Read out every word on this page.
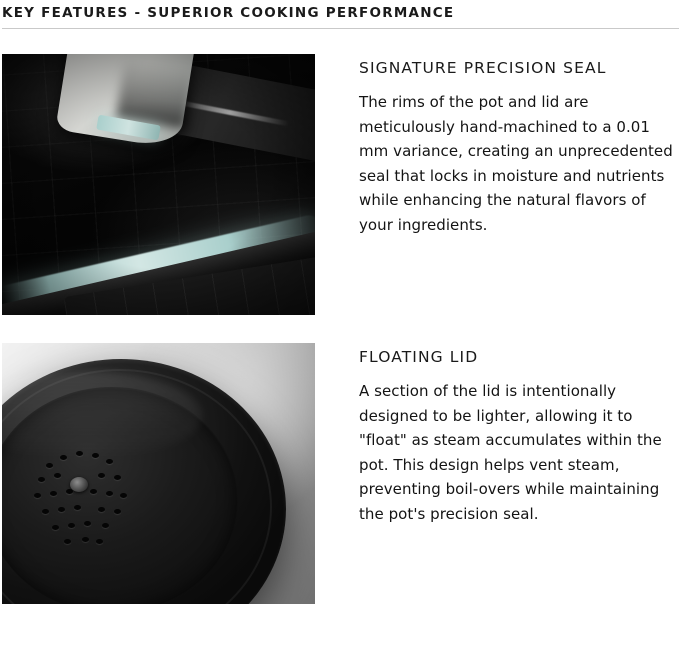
KEY FEATURES - SUPERIOR COOKING PERFORMANCE
SIGNATURE PRECISION SEAL
The rims of the pot and lid are meticulously hand-machined to a 0.01 mm variance, creating an unprecedented seal that locks in moisture and nutrients while enhancing the natural flavors of your ingredients.
FLOATING LID
A section of the lid is intentionally designed to be lighter, allowing it to "float" as steam accumulates within the pot. This design helps vent steam, preventing boil-overs while maintaining the pot's precision seal.
